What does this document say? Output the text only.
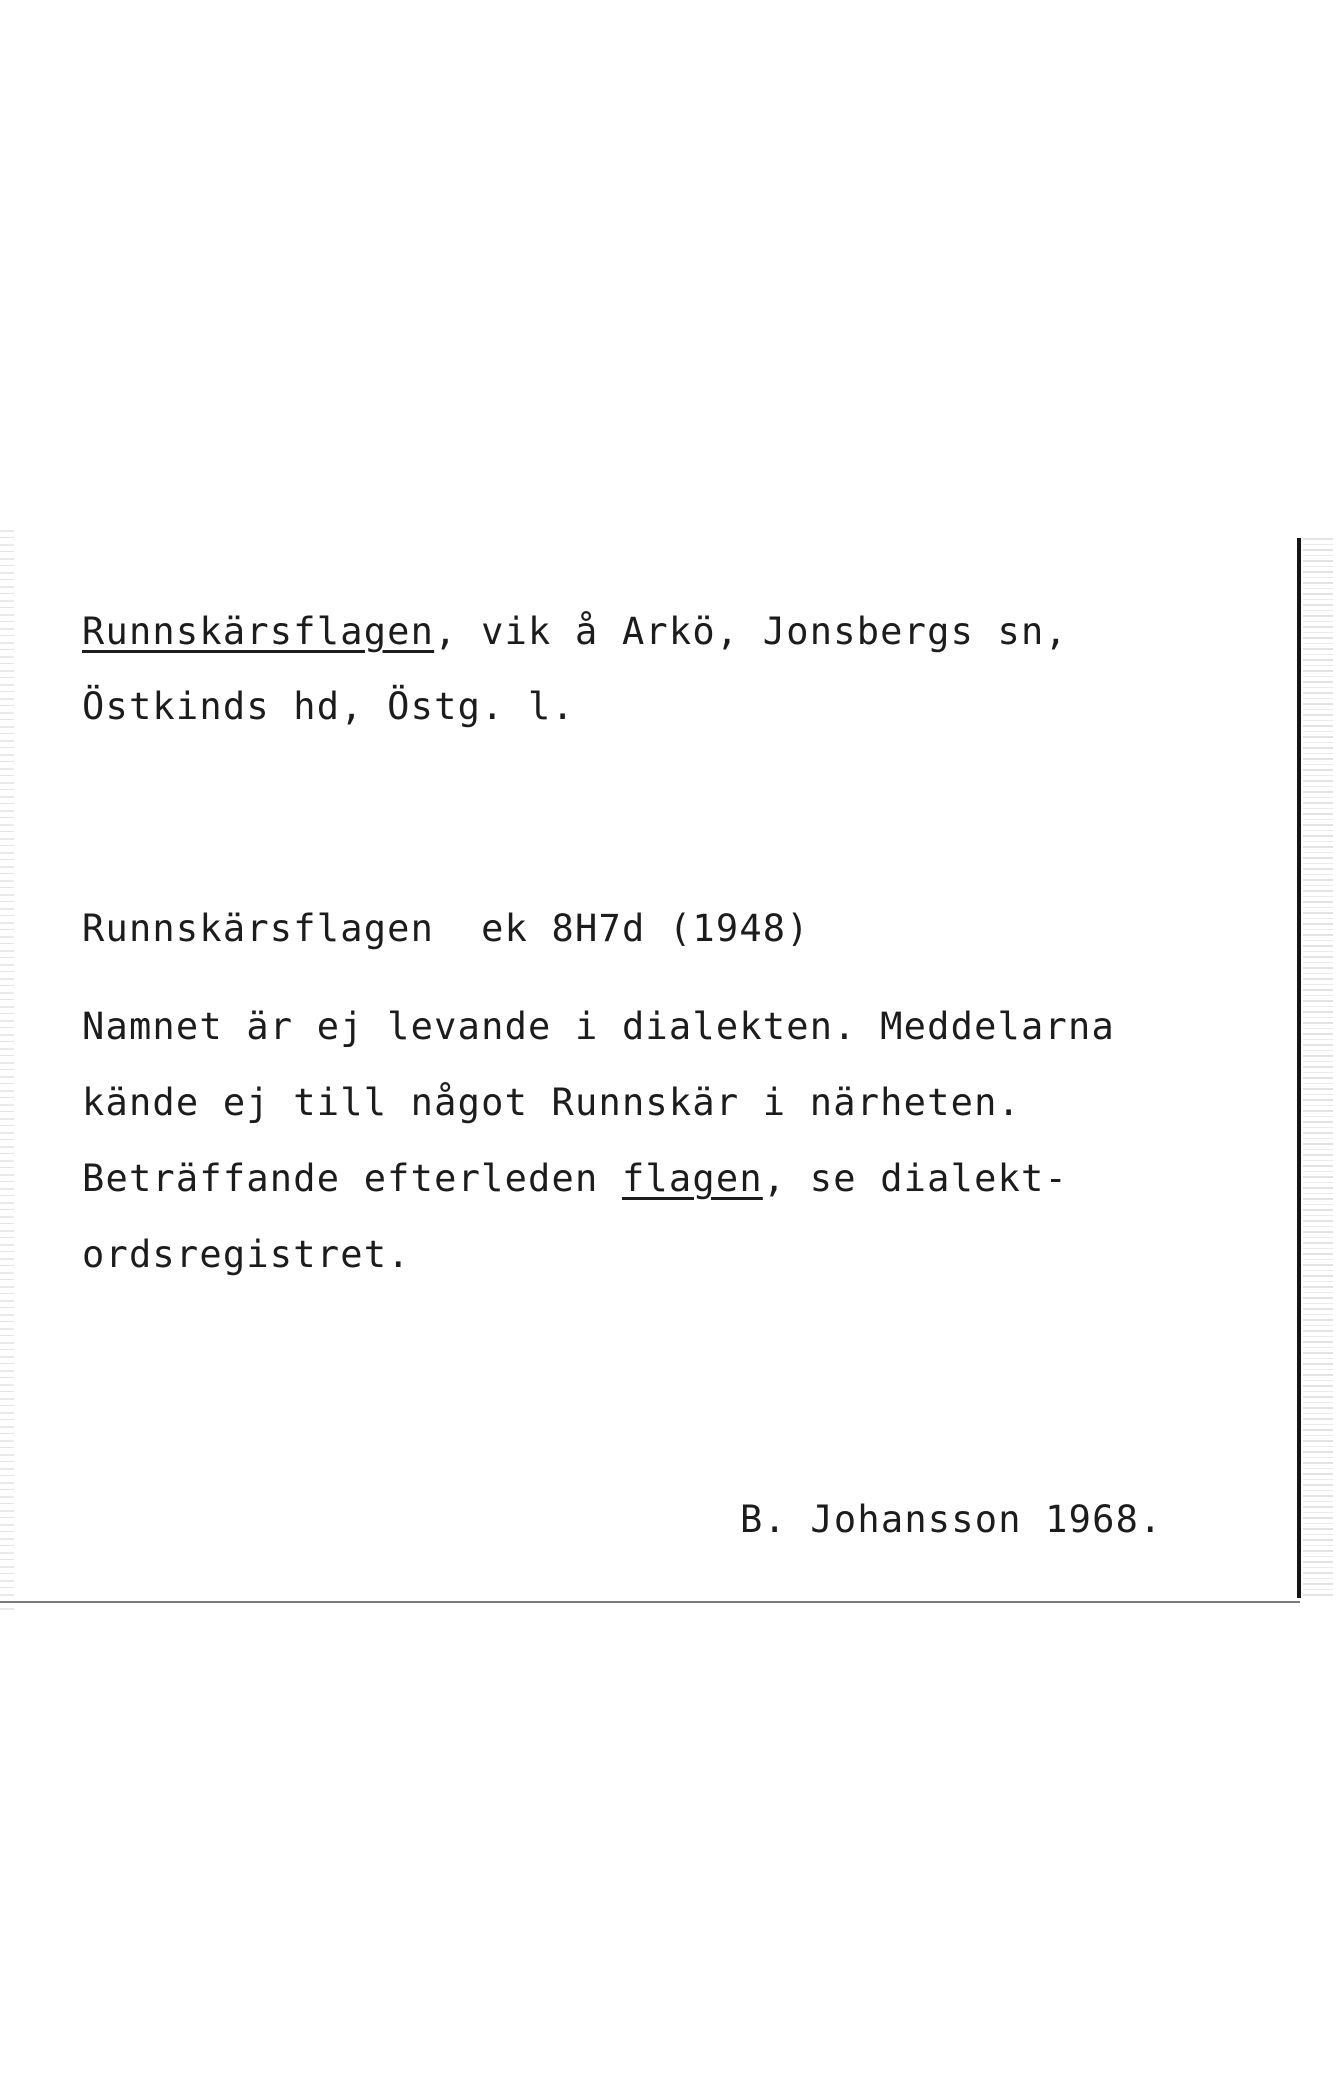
Runnskärsflagen, vik å Arkö, Jonsbergs sn,
Östkinds hd, Östg. l.
Runnskärsflagen  ek 8H7d (1948)
Namnet är ej levande i dialekten. Meddelarna
kände ej till något Runnskär i närheten.
Beträffande efterleden flagen, se dialekt-
ordsregistret.
B. Johansson 1968.
